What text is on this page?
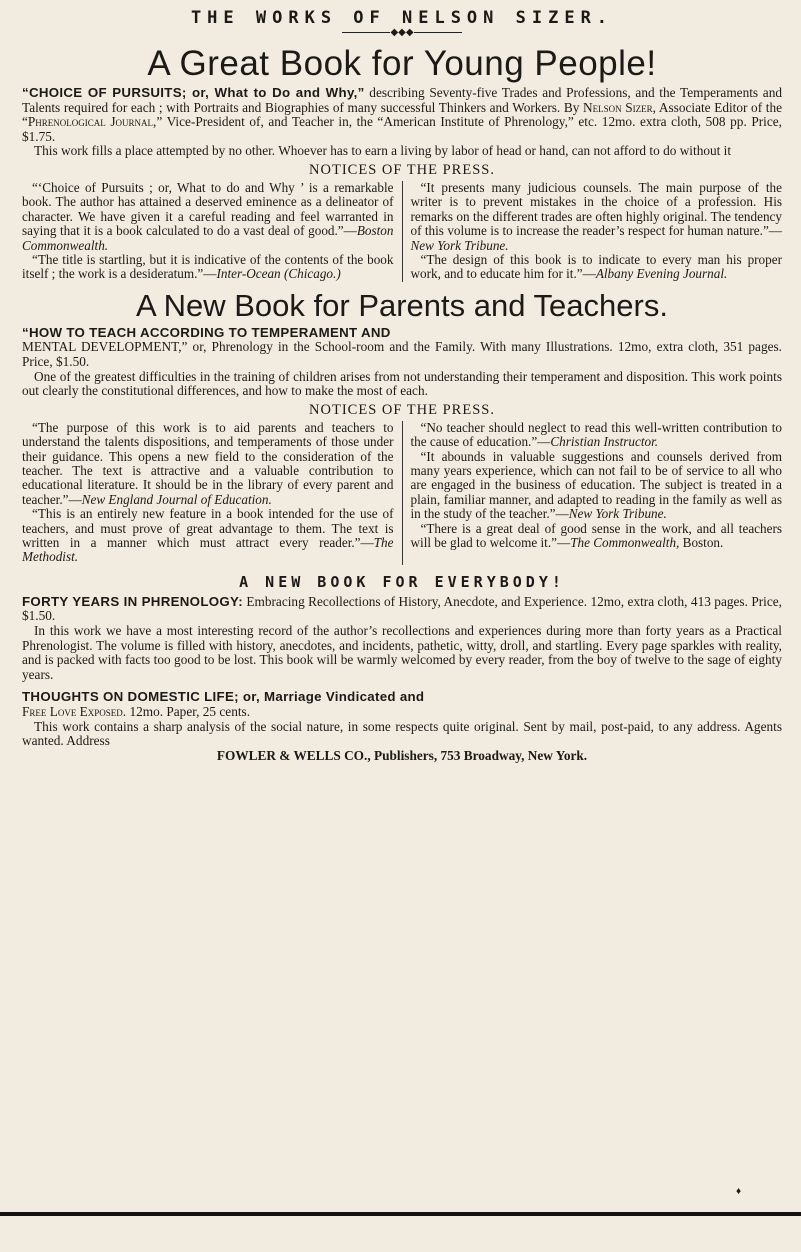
THE WORKS OF NELSON SIZER.
◆◆◆
A Great Book for Young People!

“CHOICE OF PURSUITS; or, What to Do and Why,” describing Seventy-five Trades and Professions, and the Temperaments and Talents required for each ; with Portraits and Biographies of many successful Thinkers and Workers. By Nelson Sizer, Associate Editor of the “Phrenological Journal,” Vice-President of, and Teacher in, the “American Institute of Phrenology,” etc. 12mo. extra cloth, 508 pp. Price, $1.75.

This work fills a place attempted by no other. Whoever has to earn a living by labor of head or hand, can not afford to do without it

NOTICES OF THE PRESS.

“‘Choice of Pursuits ; or, What to do and Why ’ is a remarkable book. The author has attained a deserved eminence as a delineator of character. We have given it a careful reading and feel warranted in saying that it is a book calculated to do a vast deal of good.”—Boston Commonwealth.

“The title is startling, but it is indicative of the contents of the book itself ; the work is a desideratum.”—Inter-Ocean (Chicago.)

“It presents many judicious counsels. The main purpose of the writer is to prevent mistakes in the choice of a profession. His remarks on the different trades are often highly original. The tendency of this volume is to increase the reader’s respect for human nature.”—New York Tribune.

“The design of this book is to indicate to every man his proper work, and to educate him for it.”—Albany Evening Journal.

A New Book for Parents and Teachers.

“HOW TO TEACH ACCORDING TO TEMPERAMENT AND
MENTAL DEVELOPMENT,” or, Phrenology in the School-room and the Family. With many Illustrations. 12mo, extra cloth, 351 pages. Price, $1.50.

One of the greatest difficulties in the training of children arises from not understanding their temperament and disposition. This work points out clearly the constitutional differences, and how to make the most of each.

NOTICES OF THE PRESS.

“The purpose of this work is to aid parents and teachers to understand the talents dispositions, and temperaments of those under their guidance. This opens a new field to the consideration of the teacher. The text is attractive and a valuable contribution to educational literature. It should be in the library of every parent and teacher.”—New England Journal of Education.

“This is an entirely new feature in a book intended for the use of teachers, and must prove of great advantage to them. The text is written in a manner which must attract every reader.”—The Methodist.

“No teacher should neglect to read this well-written contribution to the cause of education.”—Christian Instructor.

“It abounds in valuable suggestions and counsels derived from many years experience, which can not fail to be of service to all who are engaged in the business of education. The subject is treated in a plain, familiar manner, and adapted to reading in the family as well as in the study of the teacher.”—New York Tribune.

“There is a great deal of good sense in the work, and all teachers will be glad to welcome it.”—The Commonwealth, Boston.

A NEW BOOK FOR EVERYBODY!

FORTY YEARS IN PHRENOLOGY: Embracing Recollections of History, Anecdote, and Experience. 12mo, extra cloth, 413 pages. Price, $1.50.

In this work we have a most interesting record of the author’s recollections and experiences during more than forty years as a Practical Phrenologist. The volume is filled with history, anecdotes, and incidents, pathetic, witty, droll, and startling. Every page sparkles with reality, and is packed with facts too good to be lost. This book will be warmly welcomed by every reader, from the boy of twelve to the sage of eighty years.

THOUGHTS ON DOMESTIC LIFE; or, Marriage Vindicated and
Free Love Exposed. 12mo. Paper, 25 cents.

This work contains a sharp analysis of the social nature, in some respects quite original. Sent by mail, post-paid, to any address. Agents wanted. Address

FOWLER & WELLS CO., Publishers, 753 Broadway, New York.

♦
